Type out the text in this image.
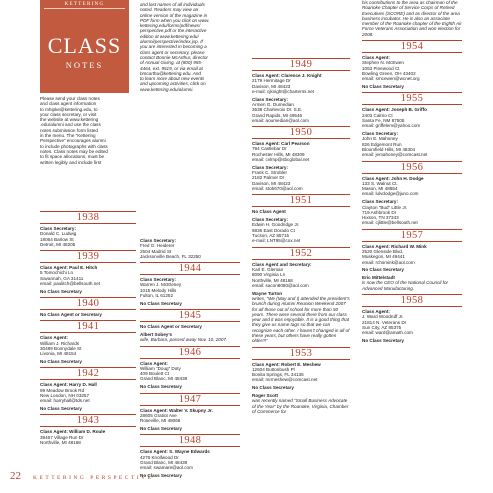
KETTERING
CLASS
NOTES

Please send your class notes

and class agent information

to mhipke@kettering.edu, to

your class secretary, or visit

the website at www.kettering

.edu/alumni and use the class

notes submission form listed

in the menu. The “Kettering

Perspective” encourages alumni

to include photographs with class

notes. Class notes may be edited

to fit space allocations, must be

written legibly and include first

and last names of all individuals

noted. Readers may view an

online version of the magazine in

PDF form when you click on www.

kettering.edu/forms/pdf/news/

perspective.pdf or the interactive

edition at www.kettering.edu/

alumni/perspective/index.jsp. If

you are interested in becoming a

class agent or secretary, please

contact Bonnie McArthur, director

of Annual Giving, at (800) 955-

4464, ext. 9519, or via email at

bmcarthu@kettering.edu. And

to learn more about new events

and upcoming activities, click on

www.kettering.edu/alumni.

1938
Class Secretary:
Donald C. Ludwig
18064 Barlow St
Detroit, MI 48205
1939
Class Agent: Paul E. Hitch
5 Tomochichi Ln
Savannah, GA 31411
email: paulitch@bellsouth.net
No Class Secretary
1940
No Class Agent or Secretary
1941
Class Agent:
William J. Richards
30489 Bonnydale St
Livonia, MI 48154
No Class Secretary
1942
Class Agent: Harry D. Hall
99 Meadow Brook Rd
New London, NH 03257
email: harryhall@tds.net
No Class Secretary
1943
Class Agent: William D. Roule
39467 Village Run Dr
Northville, MI 48168
Class Secretary:
Fred G. Heiderer
2504 Madrid St
Jacksonville Beach, FL 32250
1944
Class Secretary:
Warren J. McEleney
1015 Melody Hills
Fulton, IL 61252
No Class Secretary
1945
No Class Agent or Secretary
Albert Sobey’s
wife, Barbara, passed away Nov. 10, 2007.
1946
Class Agent:
William “Doug” Doty
409 Boulett Ct
Grand Blanc, MI 48439
No Class Secretary
1947
Class Agent: Walter V. Skupny Jr.
28605 Gratiot Ave
Roseville, MI 48066
No Class Secretary
1948
Class Agent: S. Wayne Edwards
4276 Knollwood Dr
Grand Blanc, MI 48439
email: swamare@aol.com
No Class Secretary
1949
Class Agent: Clarence J. Knight
2179 Hermitage Dr
Davison, MI 48423
e-mail: cjknight@chartermi.net
Class Secretary:
Armen G. Dumedian
3638 Charlevoix Dr. S.E.
Grand Rapids, MI 49546
email: aoumedian@aol.com
1950
Class Agent: Carl Pearson
794 Castlebar Dr
Rochester Hills, MI 48309
email: cvlmp@sbcglobal.net
Class Secretary:
Frank C. Strobler
2182 Palmer Dr
Davison, MI 48423
email: stob670@aol.com
1951
No Class Agent
Class Secretary:
Edwin H. Goodridge Jr.
6836 East Dorado Ct
Tucson, AZ 85715
e-mail: LNT95@cox.net
1952
Class Agent and Secretary:
Karl E. Gleman
8090 Virginia Ln
Northville, MI 48168
email: sacon8080@aol.com
Wayne Turton
writes, “We (May and I) attended the president’s brunch during Alumni Reunion Weekend 2007 for all those out of school for more than 50 years. There were several there from our class year and it was enjoyable. It is a good thing that they give us name tags so that we can recognize each other. I haven’t changed in all of these years, but others have really gotten older!!!”
1953
Class Agent: Robert E. Meshew
12604 Buttonbush Pl
Bonita Springs, FL 34135
email: mrmeshew@comcast.net
No Class Secretary
Roger Scott
was recently named “Small Business Advocate of the Year” by the Roanoke, Virginia, Chamber of Commerce for
his contributions to the area as chairman of the Roanoke Chapter of Service Corps of Retired Executives (SCORE) and as director of the area business incubator. He is also an associate member of the Roanoke chapter of the Eighth Air Force Veterans Association and won election for 2008.
1954
Class Agent:
Stephen N. McEwen
1053 Pinewood Ct
Bowling Green, OH 43402
email: smcewen@wcnet.org
No Class Secretary
1955
Class Agent: Joseph B. Griffo
2403 Calmo Ct
Santa Fe, NM 87505
email: griffelem@yahoo.com
Class Secretary:
John E. Mahoney
826 Edgemont Run
Bloomfield Hills, MI 48304
email: jemahoney@comcast.net
1956
Class Agent: John H. Dodge
133 S. Walnut Ct.
Mason, MI 48854
email: lulvdodge@juno.com
Class Secretary:
Clayton “Bud” Little Jr.
719 Ashbrook Dr
Hixson, TN 37343
email: cjlittle@bellsouth.net
1957
Class Agent: Richard W. Mink
2520 Glenside Blvd.
Muskegon, MI 49441
email: rchsmink@aol.com
No Class Secretary
Eric Mittelstadt
is now the CEO of the National Council for Advanced Manufacturing.
1958
Class Agent:
J. Ward Woodruff Jr.
21814 N. Veterans Dr
Sun City, AZ 85375
email: ward@amath.com
No Class Secretary
22 KETTERING PERSPECTIVE
